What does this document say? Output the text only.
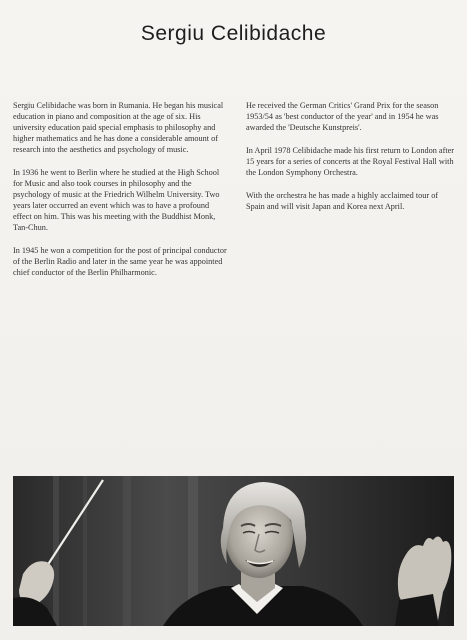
Sergiu Celibidache

Sergiu Celibidache was born in Rumania. He began his musical education in piano and composition at the age of six. His university education paid special emphasis to philosophy and higher mathematics and he has done a considerable amount of research into the aesthetics and psychology of music.

In 1936 he went to Berlin where he studied at the High School for Music and also took courses in philosophy and the psychology of music at the Friedrich Wilhelm University. Two years later occurred an event which was to have a profound effect on him. This was his meeting with the Buddhist Monk, Tan-Chun.

In 1945 he won a competition for the post of principal conductor of the Berlin Radio and later in the same year he was appointed chief conductor of the Berlin Philharmonic.

He received the German Critics' Grand Prix for the season 1953/54 as 'best conductor of the year' and in 1954 he was awarded the 'Deutsche Kunstpreis'.

In April 1978 Celibidache made his first return to London after 15 years for a series of concerts at the Royal Festival Hall with the London Symphony Orchestra.

With the orchestra he has made a highly acclaimed tour of Spain and will visit Japan and Korea next April.
